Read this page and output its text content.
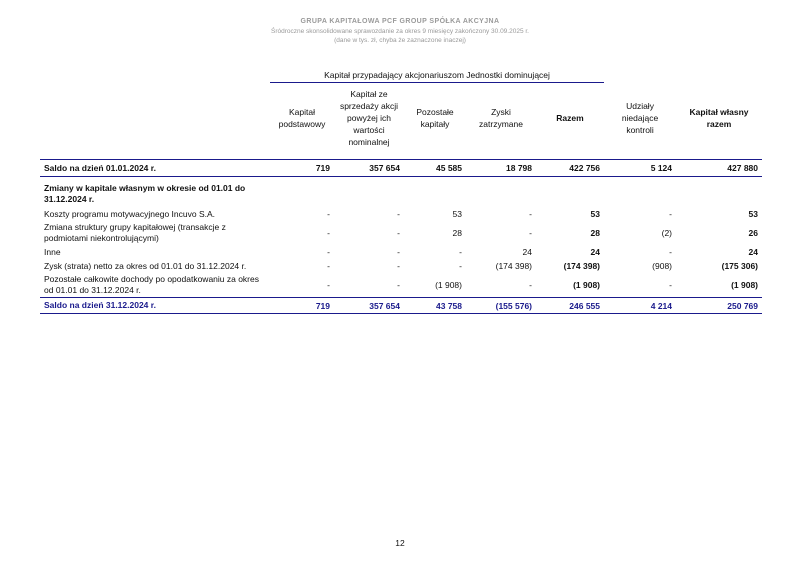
GRUPA KAPITAŁOWA PCF GROUP SPÓŁKA AKCYJNA
Śródroczne skonsolidowane sprawozdanie za okres 9 miesięcy zakończony 30.09.2025 r.
(dane w tys. zł, chyba że zaznaczone inaczej)
	Kapitał przypadający akcjonariuszom Jednostki dominującej						
	Kapitał podstawowy	Kapitał ze sprzedaży akcji powyżej ich wartości nominalnej	Pozostałe kapitały	Zyski zatrzymane	Razem	Udziały niedające kontroli	Kapitał własny razem
Saldo na dzień 01.01.2024 r.	719	357 654	45 585	18 798	422 756	5 124	427 880
Zmiany w kapitale własnym w okresie od 01.01 do 31.12.2024 r.							
Koszty programu motywacyjnego Incuvo S.A.	-	-	53	-	53	-	53
Zmiana struktury grupy kapitałowej (transakcje z podmiotami niekontrolującymi)	-	-	28	-	28	(2)	26
Inne	-	-	-	24	24	-	24
Zysk (strata) netto za okres od 01.01 do 31.12.2024 r.	-	-	-	(174 398)	(174 398)	(908)	(175 306)
Pozostałe całkowite dochody po opodatkowaniu za okres od 01.01 do 31.12.2024 r.	-	-	(1 908)	-	(1 908)	-	(1 908)
Saldo na dzień 31.12.2024 r.	719	357 654	43 758	(155 576)	246 555	4 214	250 769
12
